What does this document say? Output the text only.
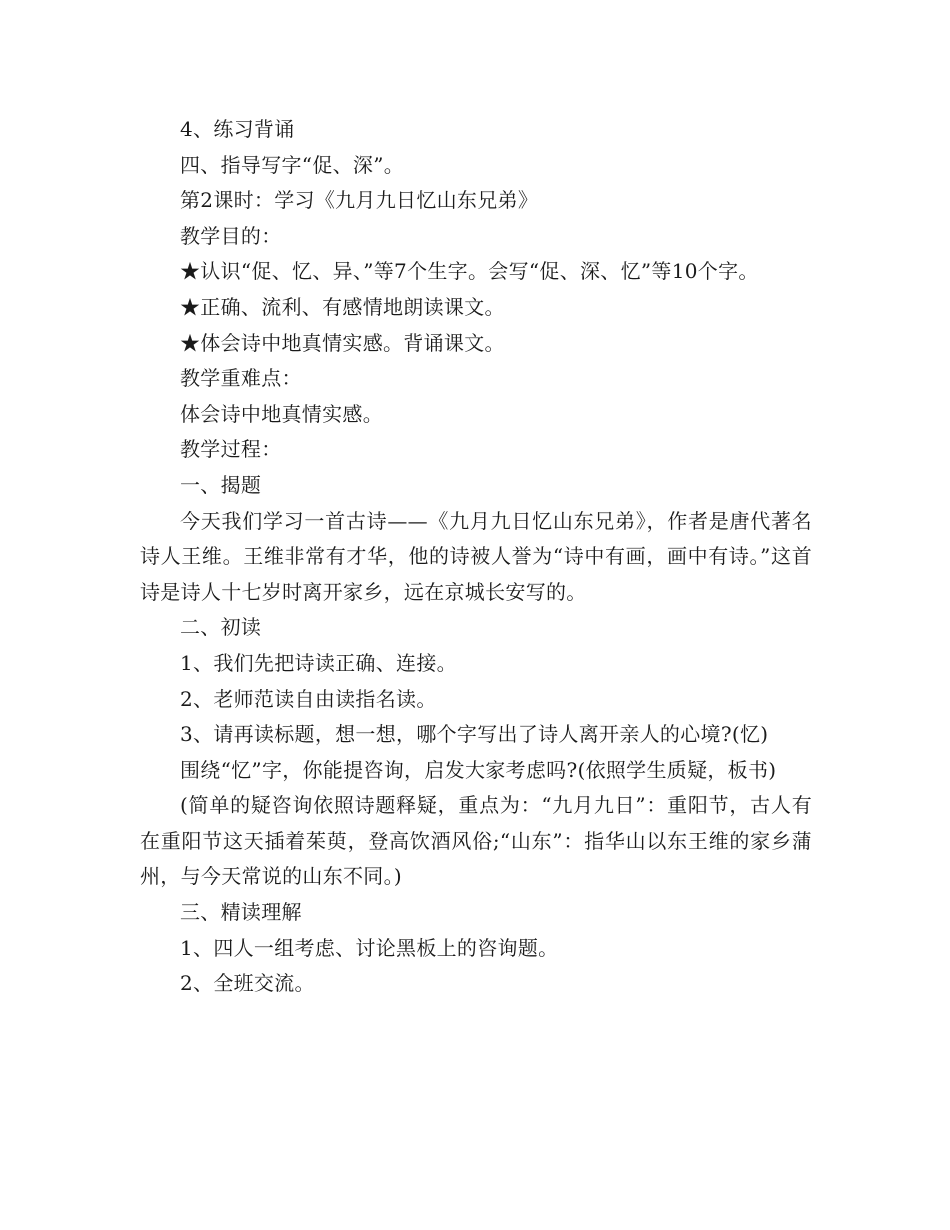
4、练习背诵

四、指导写字“促、深”。

第2课时：学习《九月九日忆山东兄弟》

教学目的：

★认识“促、忆、异、”等7个生字。会写“促、深、忆”等10个字。

★正确、流利、有感情地朗读课文。

★体会诗中地真情实感。背诵课文。

教学重难点：

体会诗中地真情实感。

教学过程：

一、揭题

今天我们学习一首古诗——《九月九日忆山东兄弟》，作者是唐代著名诗人王维。王维非常有才华，他的诗被人誉为“诗中有画，画中有诗。”这首诗是诗人十七岁时离开家乡，远在京城长安写的。

二、初读

1、我们先把诗读正确、连接。

2、老师范读自由读指名读。

3、请再读标题，想一想，哪个字写出了诗人离开亲人的心境?(忆)

围绕“忆”字，你能提咨询，启发大家考虑吗?(依照学生质疑，板书)

(简单的疑咨询依照诗题释疑，重点为：“九月九日”：重阳节，古人有在重阳节这天插着茱萸，登高饮酒风俗;“山东”：指华山以东王维的家乡蒲州，与今天常说的山东不同。)

三、精读理解

1、四人一组考虑、讨论黑板上的咨询题。

2、全班交流。
